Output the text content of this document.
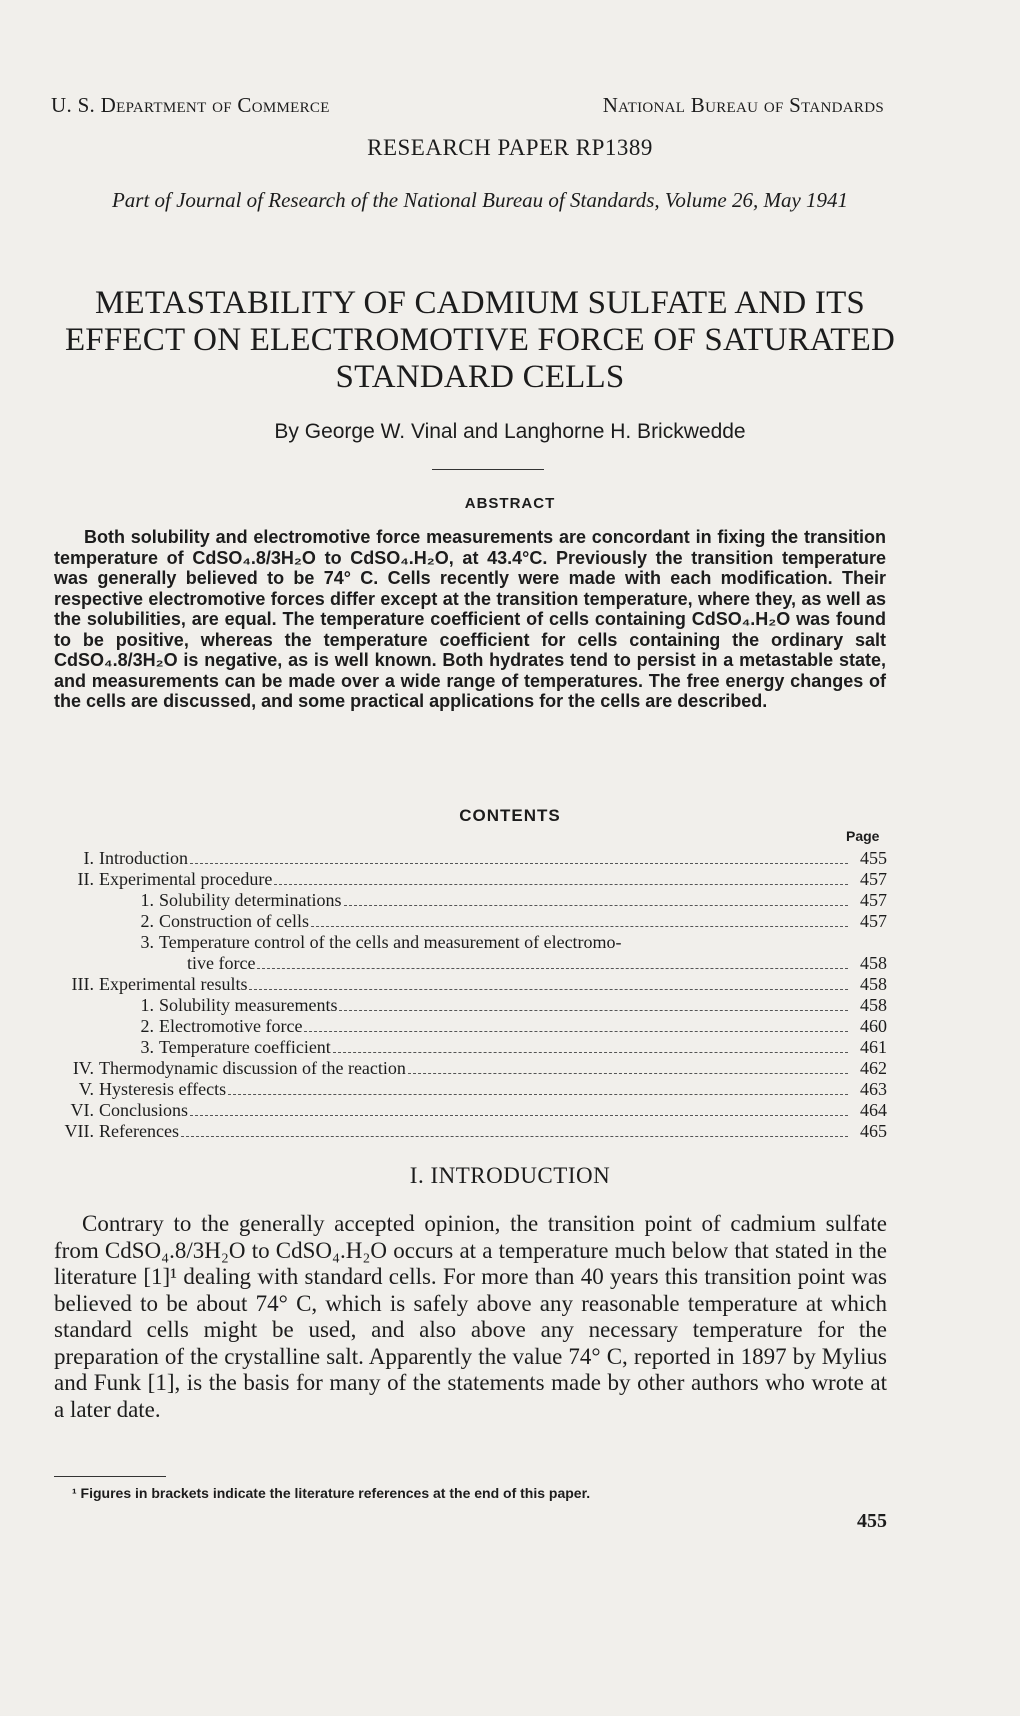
U. S. Department of Commerce	National Bureau of Standards
RESEARCH PAPER RP1389
Part of Journal of Research of the National Bureau of Standards, Volume 26, May 1941
METASTABILITY OF CADMIUM SULFATE AND ITS EFFECT ON ELECTROMOTIVE FORCE OF SATURATED STANDARD CELLS
By George W. Vinal and Langhorne H. Brickwedde
ABSTRACT
Both solubility and electromotive force measurements are concordant in fixing the transition temperature of CdSO₄.8/3H₂O to CdSO₄.H₂O, at 43.4°C. Previously the transition temperature was generally believed to be 74° C. Cells recently were made with each modification. Their respective electromotive forces differ except at the transition temperature, where they, as well as the solubilities, are equal. The temperature coefficient of cells containing CdSO₄.H₂O was found to be positive, whereas the temperature coefficient for cells containing the ordinary salt CdSO₄.8/3H₂O is negative, as is well known. Both hydrates tend to persist in a metastable state, and measurements can be made over a wide range of temperatures. The free energy changes of the cells are discussed, and some practical applications for the cells are described.
CONTENTS
Page
I. Introduction	455
II. Experimental procedure	457
1. Solubility determinations	457
2. Construction of cells	457
3. Temperature control of the cells and measurement of electromo-
tive force	458
III. Experimental results	458
1. Solubility measurements	458
2. Electromotive force	460
3. Temperature coefficient	461
IV. Thermodynamic discussion of the reaction	462
V. Hysteresis effects	463
VI. Conclusions	464
VII. References	465
I. INTRODUCTION
Contrary to the generally accepted opinion, the transition point of cadmium sulfate from CdSO₄.8/3H₂O to CdSO₄.H₂O occurs at a temperature much below that stated in the literature [1]¹ dealing with standard cells. For more than 40 years this transition point was believed to be about 74° C, which is safely above any reasonable temperature at which standard cells might be used, and also above any necessary temperature for the preparation of the crystalline salt. Apparently the value 74° C, reported in 1897 by Mylius and Funk [1], is the basis for many of the statements made by other authors who wrote at a later date.
¹ Figures in brackets indicate the literature references at the end of this paper.
455
